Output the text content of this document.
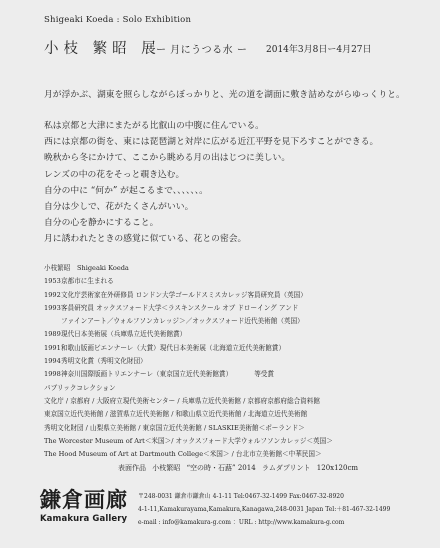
Shigeaki Koeda : Solo Exhibition
小枝 繁昭 展
ー 月にうつる水 ー 2014年3月8日ー4月27日
月が浮かぶ、湖東を照らしながらぼっかりと、光の道を湖面に敷き詰めながらゆっくりと。
私は京都と大津にまたがる比叡山の中腹に住んでいる。
西には京都の街を、東には琵琶湖と対岸に広がる近江平野を見下ろすことができる。
晩秋から冬にかけて、ここから眺める月の出はじつに美しい。
レンズの中の花をそっと覗き込む。
自分の中に “何か” が起こるまで、、、、、、。
自分は少しで、花がたくさんがいい。
自分の心を静かにすること。
月に誘われたときの感覚に似ている、花との密会。
小枝繁昭　Shigeaki Koeda
1953京都市に生まれる
1992文化庁芸術家在外研修員 ロンドン大学ゴールドスミスカレッジ客員研究員（英国）
1993客員研究員 オックスフォード大学＜ラスキンスクール オブ ドローイング アンド
ファインアート／ウォルフソンカレッジ＞／オックスフォード近代美術館（英国）
1989現代日本美術展（兵庫県立近代美術館賞）
1991和歌山版画ビエンナーレ（大賞）現代日本美術展（北海道立近代美術館賞）
1994秀明文化賞（秀明文化財団）
1998神奈川国際版画トリエンナーレ（東京国立近代美術館賞）	等受賞
パブリックコレクション
文化庁 / 京都府 / 大阪府立現代美術センター / 兵庫県立近代美術館 / 京都府京都府総合資料館
東京国立近代美術館 / 滋賀県立近代美術館 / 和歌山県立近代美術館 / 北海道立近代美術館
秀明文化財団 / 山梨県立美術館 / 東京国立近代美術館 / SLASKIE美術館＜ポーランド＞
The Worcester Museum of Art＜米国＞/ オックスフォード大学ウォルフソンカレッジ＜英国＞
The Hood Museum of Art at Dartmouth College＜米国＞ / 台北市立美術館＜中華民国＞
表面作品 小枝繁昭 “空の時・石蕗” 2014 ラムダプリント 120x120cm
鎌倉画廊
Kamakura Gallery
〒248-0031 鎌倉市鎌倉山 4-1-11 Tel:0467-32-1499 Fax:0467-32-8920
4-1-11,Kamakurayama,Kamakura,Kanagawa,248-0031 Japan Tel:＋81-467-32-1499
e-mail : info@kamakura-g.com ：URL : http://www.kamakura-g.com
